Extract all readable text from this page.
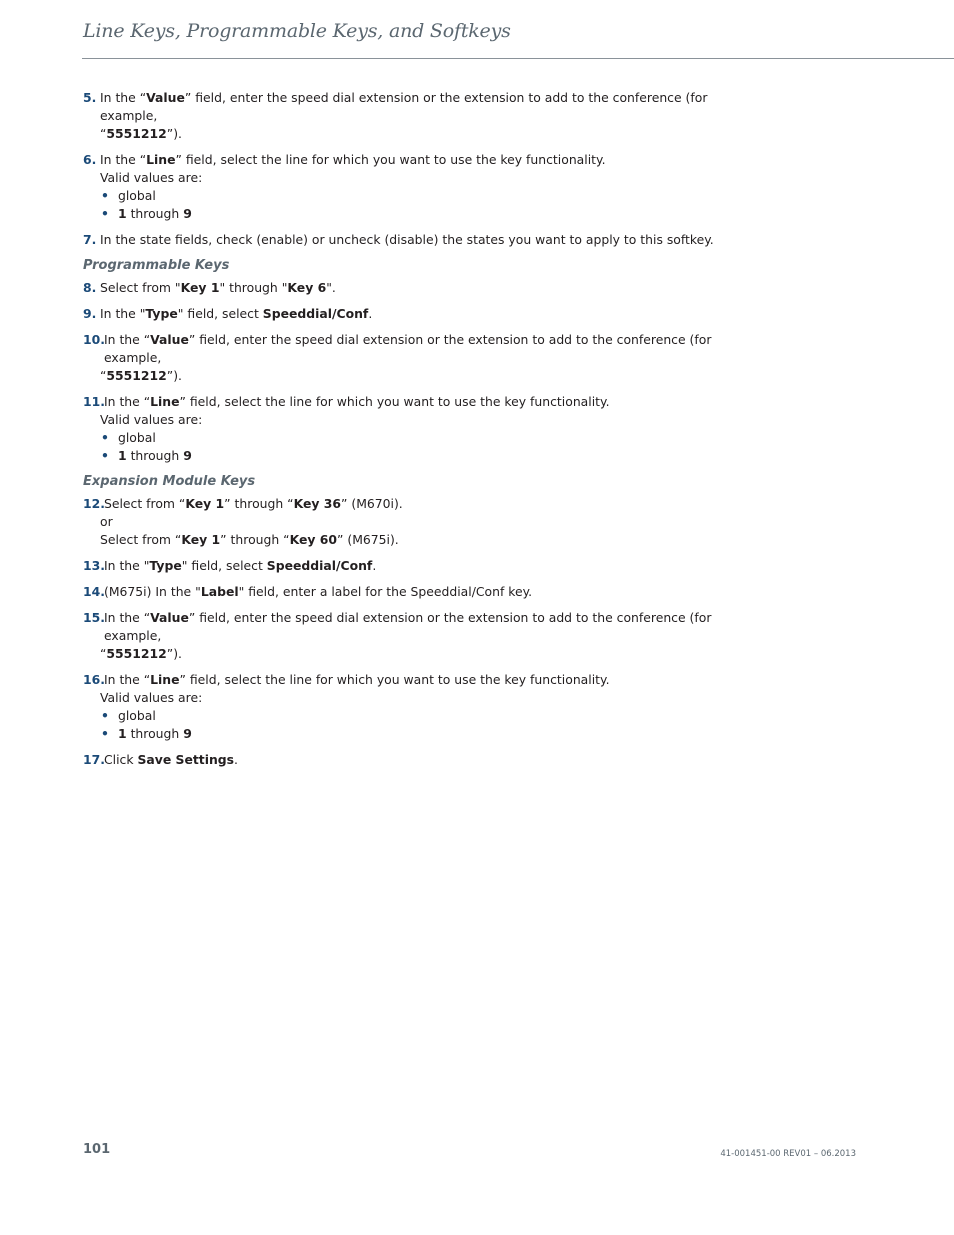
Line Keys, Programmable Keys, and Softkeys
5. In the “Value” field, enter the speed dial extension or the extension to add to the conference (for example,
“5551212”).

6. In the “Line” field, select the line for which you want to use the key functionality.

Valid values are:

• global
• 1 through 9
7. In the state fields, check (enable) or uncheck (disable) the states you want to apply to this softkey.

Programmable Keys
8. Select from "Key 1" through "Key 6".

9. In the "Type" field, select Speeddial/Conf.

10. In the “Value” field, enter the speed dial extension or the extension to add to the conference (for example,
“5551212”).

11. In the “Line” field, select the line for which you want to use the key functionality.

Valid values are:

• global
• 1 through 9
Expansion Module Keys
12. Select from “Key 1” through “Key 36” (M670i).

or

Select from “Key 1” through “Key 60” (M675i).

13. In the "Type" field, select Speeddial/Conf.

14. (M675i) In the "Label" field, enter a label for the Speeddial/Conf key.

15. In the “Value” field, enter the speed dial extension or the extension to add to the conference (for example,
“5551212”).

16. In the “Line” field, select the line for which you want to use the key functionality.

Valid values are:

• global
• 1 through 9
17. Click Save Settings.

101	41-001451-00 REV01 – 06.2013
